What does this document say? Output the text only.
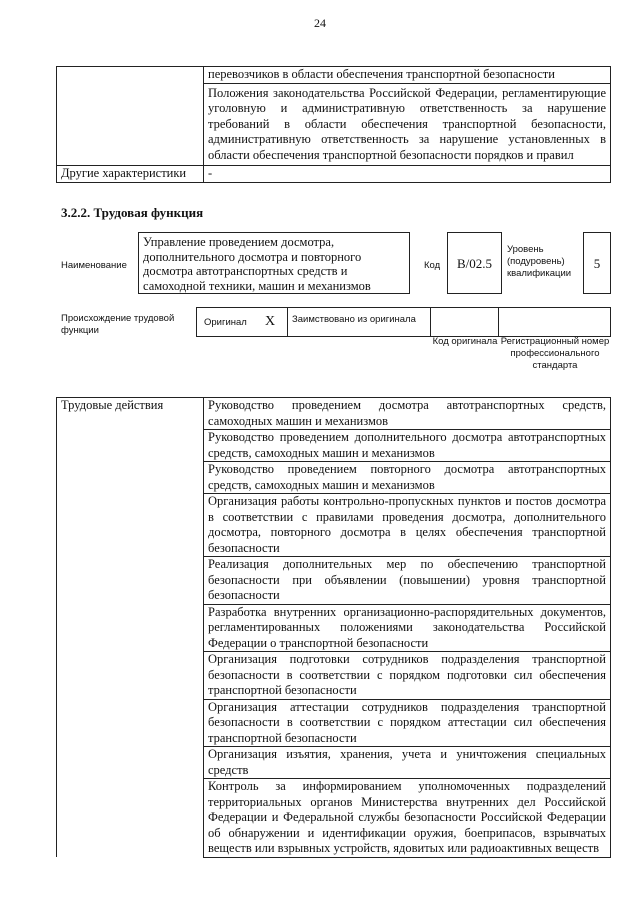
24
	перевозчиков в области обеспечения транспортной безопасности
	Положения законодательства Российской Федерации, регламентирующие уголовную и административную ответственность за нарушение требований в области обеспечения транспортной безопасности, административную ответственность за нарушение установленных в области обеспечения транспортной безопасности порядков и правил
Другие характеристики	-
3.2.2. Трудовая функция
Наименование
Управление проведением досмотра, дополнительного досмотра и повторного досмотра автотранспортных средств и самоходной техники, машин и механизмов
Код	B/02.5
Уровень (подуровень) квалификации
5
Происхождение трудовой функции
Оригинал X	Заимствовано из оригинала
Код оригинала Регистрационный номер профессионального стандарта
Трудовые действия	Руководство проведением досмотра автотранспортных средств, самоходных машин и механизмов
Руководство проведением дополнительного досмотра автотранспортных средств, самоходных машин и механизмов
Руководство проведением повторного досмотра автотранспортных средств, самоходных машин и механизмов
Организация работы контрольно-пропускных пунктов и постов досмотра в соответствии с правилами проведения досмотра, дополнительного досмотра, повторного досмотра в целях обеспечения транспортной безопасности
Реализация дополнительных мер по обеспечению транспортной безопасности при объявлении (повышении) уровня транспортной безопасности
Разработка внутренних организационно-распорядительных документов, регламентированных положениями законодательства Российской Федерации о транспортной безопасности
Организация подготовки сотрудников подразделения транспортной безопасности в соответствии с порядком подготовки сил обеспечения транспортной безопасности
Организация аттестации сотрудников подразделения транспортной безопасности в соответствии с порядком аттестации сил обеспечения транспортной безопасности
Организация изъятия, хранения, учета и уничтожения специальных средств
Контроль за информированием уполномоченных подразделений территориальных органов Министерства внутренних дел Российской Федерации и Федеральной службы безопасности Российской Федерации об обнаружении и идентификации оружия, боеприпасов, взрывчатых веществ или взрывных устройств, ядовитых или радиоактивных веществ
